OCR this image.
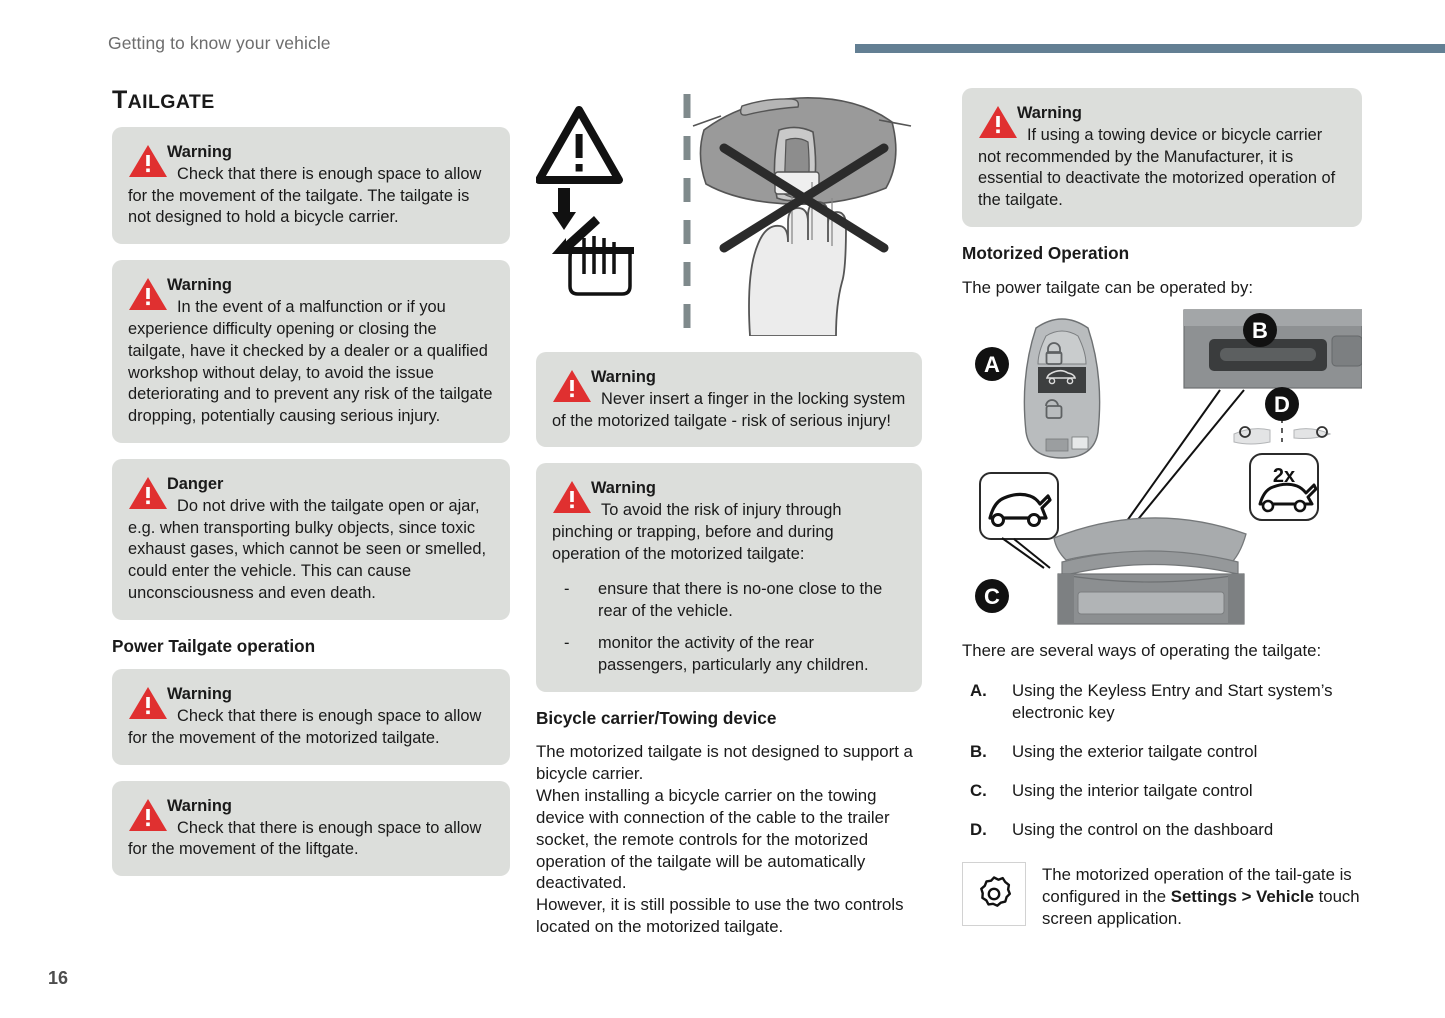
Getting to know your vehicle
TAILGATE

Warning
Check that there is enough space to allow for the movement of the tailgate. The tailgate is not designed to hold a bicycle carrier.

Warning
In the event of a malfunction or if you experience difficulty opening or closing the tailgate, have it checked by a dealer or a qualified workshop without delay, to avoid the issue deteriorating and to prevent any risk of the tailgate dropping, potentially causing serious injury.

Danger
Do not drive with the tailgate open or ajar, e.g. when transporting bulky objects, since toxic exhaust gases, which cannot be seen or smelled, could enter the vehicle. This can cause unconsciousness and even death.

Power Tailgate operation

Warning
Check that there is enough space to allow for the movement of the motorized tailgate.

Warning
Check that there is enough space to allow for the movement of the liftgate.

Warning
Never insert a finger in the locking system of the motorized tailgate - risk of serious injury!

Warning
To avoid the risk of injury through pinching or trapping, before and during operation of the motorized tailgate:

- ensure that there is no-one close to the rear of the vehicle.
- monitor the activity of the rear passengers, particularly any children.
Bicycle carrier/Towing device

The motorized tailgate is not designed to support a bicycle carrier.

When installing a bicycle carrier on the towing device with connection of the cable to the trailer socket, the remote controls for the motorized operation of the tailgate will be automatically deactivated.

However, it is still possible to use the two controls located on the motorized tailgate.

Warning
If using a towing device or bicycle carrier not recommended by the Manufacturer, it is essential to deactivate the motorized operation of the tailgate.

Motorized Operation

The power tailgate can be operated by:

2x
A
B
C
D

There are several ways of operating the tailgate:

A. Using the Keyless Entry and Start system’s electronic key
B. Using the exterior tailgate control
C. Using the interior tailgate control
D. Using the control on the dashboard
The motorized operation of the tail-gate is configured in the Settings > Vehicle touch screen application.
16
